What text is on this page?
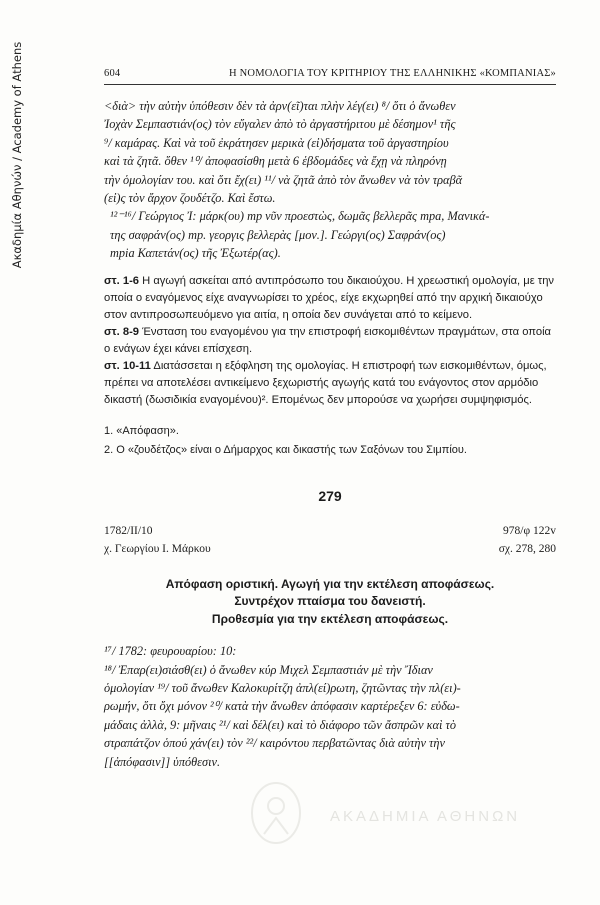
Ακαδημία Αθηνών / Academy of Athens	604	Η ΝΟΜΟΛΟΓΙΑ ΤΟΥ ΚΡΙΤΗΡΙΟΥ ΤΗΣ ΕΛΛΗΝΙΚΗΣ «ΚΟΜΠΑΝΙΑΣ»

<διὰ> τὴν αὐτὴν ὑπόθεσιν δὲν τὰ ἀρν(εῖ)ται πλὴν λέγ(ει) ⁸/ ὅτι ὁ ἄνωθεν

Ἰοχὰν Σεμπαστιάν(ος) τὸν εὔγαλεν ἀπὸ τὸ ἀργαστήριτου μὲ δέσημον¹ τῆς

⁹/ καμάρας. Καὶ νὰ τοῦ ἐκράτησεν μερικὰ (εἰ)δήσματα τοῦ ἀργαστηρίου

καὶ τὰ ζητᾶ. ὅθεν ¹⁰/ ἀποφασίσθη μετὰ 6 ἑβδομάδες νὰ ἔχῃ νὰ πληρόνῃ

τὴν ὁμολογίαν του. καὶ ὅτι ἔχ(ει) ¹¹/ νὰ ζητᾶ ἀπὸ τὸν ἄνωθεν νὰ τὸν τραβᾶ

(εἰ)ς τὸν ἄρχον ζουδέτζο. Καὶ ἔστω.

¹²⁻¹⁶/ Γεώργιος Ἰ: μάρκ(ου) mp νῦν προεστὼς, δωμᾶς βελλερᾶς mpa, Μανικά-

της σαφράν(ος) mp. γεοργις βελλερὰς [μον.]. Γεώργι(ος) Σαφράν(ος)

mpia Καπετάν(ος) τῆς Ἐξωτέρ(ας).

στ. 1-6 Η αγωγή ασκείται από αντιπρόσωπο του δικαιούχου. Η χρεωστική ομολογία, με την οποία ο εναγόμενος είχε αναγνωρίσει το χρέος, είχε εκχωρηθεί από την αρχική δικαιούχο στον αντιπροσωπευόμενο για αιτία, η οποία δεν συνάγεται από το κείμενο.

στ. 8-9 Ένσταση του εναγομένου για την επιστροφή εισκομιθέντων πραγμάτων, στα οποία ο ενάγων έχει κάνει επίσχεση.

στ. 10-11 Διατάσσεται η εξόφληση της ομολογίας. Η επιστροφή των εισκομιθέντων, όμως, πρέπει να αποτελέσει αντικείμενο ξεχωριστής αγωγής κατά του ενάγοντος στον αρμόδιο δικαστή (δωσιδικία εναγομένου)². Επομένως δεν μπορούσε να χωρήσει συμψηφισμός.

1. «Απόφαση».

2. Ο «ζουδέτζος» είναι ο Δήμαρχος και δικαστής των Σαξόνων του Σιμπίου.

279
1782/II/10
χ. Γεωργίου Ι. Μάρκου
978/φ 122v
σχ. 278, 280

Απόφαση οριστική. Αγωγή για την εκτέλεση αποφάσεως.

Συντρέχον πταίσμα του δανειστή.

Προθεσμία για την εκτέλεση αποφάσεως.

¹⁷/ 1782: φευρουαρίου: 10:

¹⁸/ Ἐπαρ(ει)σιάσθ(ει) ὁ ἄνωθεν κύρ Μιχελ Σεμπαστιάν μὲ τὴν Ἴδιαν

ὁμολογίαν ¹⁹/ τοῦ ἄνωθεν Καλοκυρίτζη ἀπλ(εί)ρωτη, ζητῶντας τὴν πλ(ει)-

ρωμήν, ὅτι ὄχι μόνον ²⁰/ κατὰ τὴν ἄνωθεν ἀπόφασιν καρτέρεξεν 6: εὐδω-

μάδαις ἀλλὰ, 9: μῆναις ²¹/ καὶ δέλ(ει) καὶ τὸ διάφορο τῶν ἄσπρῶν καὶ τὸ

στραπάτζον ὁπού χάν(ει) τὸν ²²/ καιρόντου περβατῶντας διὰ αὐτὴν τὴν

[[ἀπόφασιν]] ὑπόθεσιν.

ΑΚΑΔΗΜΙΑ ΑΘΗΝΩΝ
